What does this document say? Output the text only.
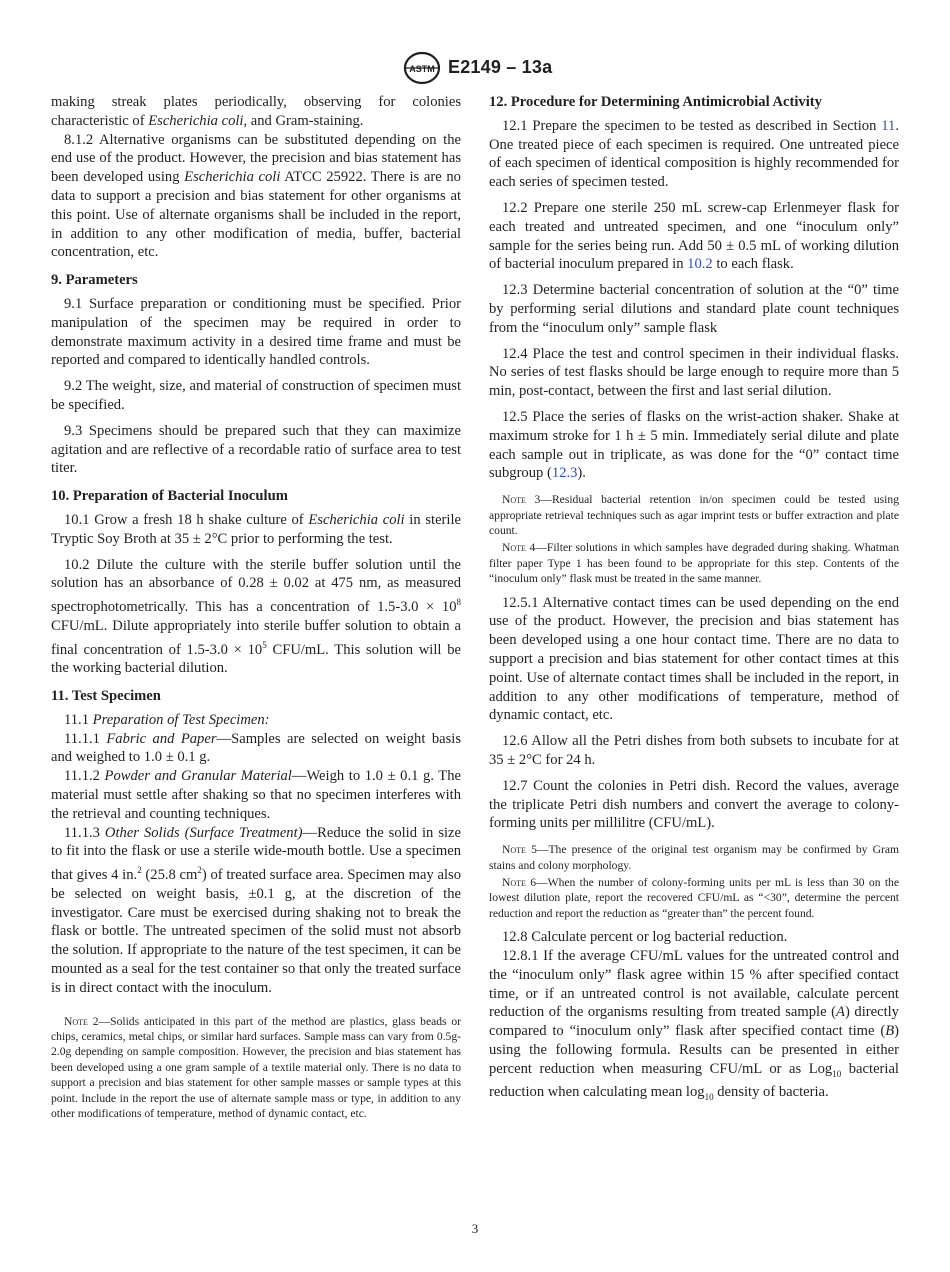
ASTM E2149 – 13a

making streak plates periodically, observing for colonies characteristic of Escherichia coli, and Gram-staining.

8.1.2 Alternative organisms can be substituted depending on the end use of the product. However, the precision and bias statement has been developed using Escherichia coli ATCC 25922. There is are no data to support a precision and bias statement for other organisms at this point. Use of alternate organisms shall be included in the report, in addition to any other modification of media, buffer, bacterial concentration, etc.

9. Parameters

9.1 Surface preparation or conditioning must be specified. Prior manipulation of the specimen may be required in order to demonstrate maximum activity in a desired time frame and must be reported and compared to identically handled controls.

9.2 The weight, size, and material of construction of specimen must be specified.

9.3 Specimens should be prepared such that they can maximize agitation and are reflective of a recordable ratio of surface area to test titer.

10. Preparation of Bacterial Inoculum

10.1 Grow a fresh 18 h shake culture of Escherichia coli in sterile Tryptic Soy Broth at 35 ± 2°C prior to performing the test.

10.2 Dilute the culture with the sterile buffer solution until the solution has an absorbance of 0.28 ± 0.02 at 475 nm, as measured spectrophotometrically. This has a concentration of $1.5-3.0 \times 10^8$ CFU/mL. Dilute appropriately into sterile buffer solution to obtain a final concentration of $1.5-3.0 \times 10^5$ CFU/mL. This solution will be the working bacterial dilution.

11. Test Specimen

11.1 Preparation of Test Specimen:

11.1.1 Fabric and Paper—Samples are selected on weight basis and weighed to 1.0 ± 0.1 g.

11.1.2 Powder and Granular Material—Weigh to 1.0 ± 0.1 g. The material must settle after shaking so that no specimen interferes with the retrieval and counting techniques.

11.1.3 Other Solids (Surface Treatment)—Reduce the solid in size to fit into the flask or use a sterile wide-mouth bottle. Use a specimen that gives 4 in.$^2$ (25.8 $cm^2$) of treated surface area. Specimen may also be selected on weight basis, ±0.1 g, at the discretion of the investigator. Care must be exercised during shaking not to break the flask or bottle. The untreated specimen of the solid must not absorb the solution. If appropriate to the nature of the test specimen, it can be mounted as a seal for the test container so that only the treated surface is in direct contact with the inoculum.

Note 2—Solids anticipated in this part of the method are plastics, glass beads or chips, ceramics, metal chips, or similar hard surfaces. Sample mass can vary from 0.5g-2.0g depending on sample composition. However, the precision and bias statement has been developed using a one gram sample of a textile material only. There is no data to support a precision and bias statement for other sample masses or sample types at this point. Include in the report the use of alternate sample mass or type, in addition to any other modifications of temperature, method of dynamic contact, etc.

12. Procedure for Determining Antimicrobial Activity

12.1 Prepare the specimen to be tested as described in Section 11. One treated piece of each specimen is required. One untreated piece of each specimen of identical composition is highly recommended for each series of specimen tested.

12.2 Prepare one sterile 250 mL screw-cap Erlenmeyer flask for each treated and untreated specimen, and one “inoculum only” sample for the series being run. Add 50 ± 0.5 mL of working dilution of bacterial inoculum prepared in 10.2 to each flask.

12.3 Determine bacterial concentration of solution at the “0” time by performing serial dilutions and standard plate count techniques from the “inoculum only” sample flask

12.4 Place the test and control specimen in their individual flasks. No series of test flasks should be large enough to require more than 5 min, post-contact, between the first and last serial dilution.

12.5 Place the series of flasks on the wrist-action shaker. Shake at maximum stroke for 1 h ± 5 min. Immediately serial dilute and plate each sample out in triplicate, as was done for the “0” contact time subgroup (12.3).

Note 3—Residual bacterial retention in/on specimen could be tested using appropriate retrieval techniques such as agar imprint tests or buffer extraction and plate count.

Note 4—Filter solutions in which samples have degraded during shaking. Whatman filter paper Type 1 has been found to be appropriate for this step. Contents of the “inoculum only” flask must be treated in the same manner.

12.5.1 Alternative contact times can be used depending on the end use of the product. However, the precision and bias statement has been developed using a one hour contact time. There are no data to support a precision and bias statement for other contact times at this point. Use of alternate contact times shall be included in the report, in addition to any other modifications of temperature, method of dynamic contact, etc.

12.6 Allow all the Petri dishes from both subsets to incubate for at 35 ± 2°C for 24 h.

12.7 Count the colonies in Petri dish. Record the values, average the triplicate Petri dish numbers and convert the average to colony-forming units per millilitre (CFU/mL).

Note 5—The presence of the original test organism may be confirmed by Gram stains and colony morphology.

Note 6—When the number of colony-forming units per mL is less than 30 on the lowest dilution plate, report the recovered CFU/mL as “<30”, determine the percent reduction and report the reduction as “greater than” the percent found.

12.8 Calculate percent or log bacterial reduction.

12.8.1 If the average CFU/mL values for the untreated control and the “inoculum only” flask agree within 15 % after specified contact time, or if an untreated control is not available, calculate percent reduction of the organisms resulting from treated sample (A) directly compared to “inoculum only” flask after specified contact time (B) using the following formula. Results can be presented in either percent reduction when measuring CFU/mL or as Log$_{10}$ bacterial reduction when calculating mean $\log_{10}$ density of bacteria.

3
